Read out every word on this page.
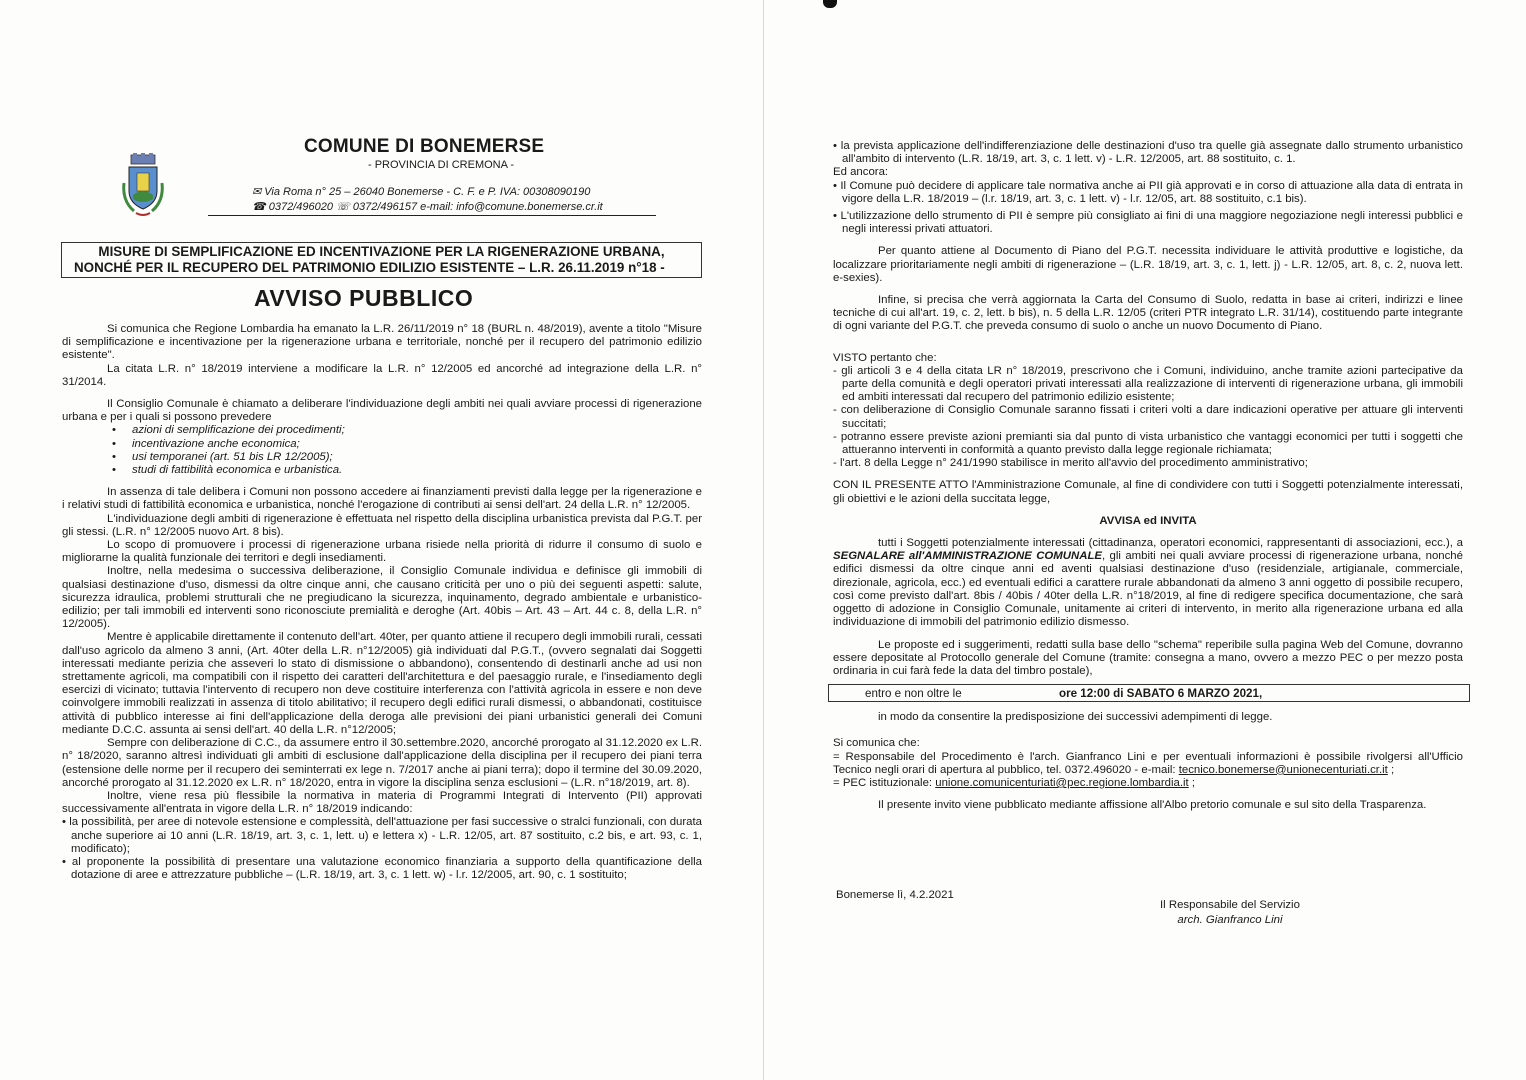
COMUNE DI BONEMERSE
- PROVINCIA DI CREMONA -
✉ Via Roma n° 25 – 26040 Bonemerse - C. F. e P. IVA: 00308090190
☎ 0372/496020 ☏ 0372/496157 e-mail: info@comune.bonemerse.cr.it
MISURE DI SEMPLIFICAZIONE ED INCENTIVAZIONE PER LA RIGENERAZIONE URBANA,
NONCHÉ PER IL RECUPERO DEL PATRIMONIO EDILIZIO ESISTENTE – L.R. 26.11.2019 n°18 -
AVVISO PUBBLICO

Si comunica che Regione Lombardia ha emanato la L.R. 26/11/2019 n° 18 (BURL n. 48/2019), avente a titolo "Misure di semplificazione e incentivazione per la rigenerazione urbana e territoriale, nonché per il recupero del patrimonio edilizio esistente".

La citata L.R. n° 18/2019 interviene a modificare la L.R. n° 12/2005 ed ancorché ad integrazione della L.R. n° 31/2014.

Il Consiglio Comunale è chiamato a deliberare l'individuazione degli ambiti nei quali avviare processi di rigenerazione urbana e per i quali si possono prevedere

• azioni di semplificazione dei procedimenti;

• incentivazione anche economica;

• usi temporanei (art. 51 bis LR 12/2005);

• studi di fattibilità economica e urbanistica.

In assenza di tale delibera i Comuni non possono accedere ai finanziamenti previsti dalla legge per la rigenerazione e i relativi studi di fattibilità economica e urbanistica, nonché l'erogazione di contributi ai sensi dell'art. 24 della L.R. n° 12/2005.

L'individuazione degli ambiti di rigenerazione è effettuata nel rispetto della disciplina urbanistica prevista dal P.G.T. per gli stessi. (L.R. n° 12/2005 nuovo Art. 8 bis).

Lo scopo di promuovere i processi di rigenerazione urbana risiede nella priorità di ridurre il consumo di suolo e migliorarne la qualità funzionale dei territori e degli insediamenti.

Inoltre, nella medesima o successiva deliberazione, il Consiglio Comunale individua e definisce gli immobili di qualsiasi destinazione d'uso, dismessi da oltre cinque anni, che causano criticità per uno o più dei seguenti aspetti: salute, sicurezza idraulica, problemi strutturali che ne pregiudicano la sicurezza, inquinamento, degrado ambientale e urbanistico-edilizio; per tali immobili ed interventi sono riconosciute premialità e deroghe (Art. 40bis – Art. 43 – Art. 44 c. 8, della L.R. n° 12/2005).

Mentre è applicabile direttamente il contenuto dell'art. 40ter, per quanto attiene il recupero degli immobili rurali, cessati dall'uso agricolo da almeno 3 anni, (Art. 40ter della L.R. n°12/2005) già individuati dal P.G.T., (ovvero segnalati dai Soggetti interessati mediante perizia che asseveri lo stato di dismissione o abbandono), consentendo di destinarli anche ad usi non strettamente agricoli, ma compatibili con il rispetto dei caratteri dell'architettura e del paesaggio rurale, e l'insediamento degli esercizi di vicinato; tuttavia l'intervento di recupero non deve costituire interferenza con l'attività agricola in essere e non deve coinvolgere immobili realizzati in assenza di titolo abilitativo; il recupero degli edifici rurali dismessi, o abbandonati, costituisce attività di pubblico interesse ai fini dell'applicazione della deroga alle previsioni dei piani urbanistici generali dei Comuni mediante D.C.C. assunta ai sensi dell'art. 40 della L.R. n°12/2005;

Sempre con deliberazione di C.C., da assumere entro il 30.settembre.2020, ancorché prorogato al 31.12.2020 ex L.R. n° 18/2020, saranno altresì individuati gli ambiti di esclusione dall'applicazione della disciplina per il recupero dei piani terra (estensione delle norme per il recupero dei seminterrati ex lege n. 7/2017 anche ai piani terra); dopo il termine del 30.09.2020, ancorché prorogato al 31.12.2020 ex L.R. n° 18/2020, entra in vigore la disciplina senza esclusioni – (L.R. n°18/2019, art. 8).

Inoltre, viene resa più flessibile la normativa in materia di Programmi Integrati di Intervento (PII) approvati successivamente all'entrata in vigore della L.R. n° 18/2019 indicando:

• la possibilità, per aree di notevole estensione e complessità, dell'attuazione per fasi successive o stralci funzionali, con durata anche superiore ai 10 anni (L.R. 18/19, art. 3, c. 1, lett. u) e lettera x) - L.R. 12/05, art. 87 sostituito, c.2 bis, e art. 93, c. 1, modificato);

• al proponente la possibilità di presentare una valutazione economico finanziaria a supporto della quantificazione della dotazione di aree e attrezzature pubbliche – (L.R. 18/19, art. 3, c. 1 lett. w) - l.r. 12/2005, art. 90, c. 1 sostituito;

• la prevista applicazione dell'indifferenziazione delle destinazioni d'uso tra quelle già assegnate dallo strumento urbanistico all'ambito di intervento (L.R. 18/19, art. 3, c. 1 lett. v) - L.R. 12/2005, art. 88 sostituito, c. 1.

Ed ancora:

• Il Comune può decidere di applicare tale normativa anche ai PII già approvati e in corso di attuazione alla data di entrata in vigore della L.R. 18/2019 – (l.r. 18/19, art. 3, c. 1 lett. v) - l.r. 12/05, art. 88 sostituito, c.1 bis).

• L'utilizzazione dello strumento di PII è sempre più consigliato ai fini di una maggiore negoziazione negli interessi pubblici e negli interessi privati attuatori.

Per quanto attiene al Documento di Piano del P.G.T. necessita individuare le attività produttive e logistiche, da localizzare prioritariamente negli ambiti di rigenerazione – (L.R. 18/19, art. 3, c. 1, lett. j) - L.R. 12/05, art. 8, c. 2, nuova lett. e-sexies).

Infine, si precisa che verrà aggiornata la Carta del Consumo di Suolo, redatta in base ai criteri, indirizzi e linee tecniche di cui all'art. 19, c. 2, lett. b bis), n. 5 della L.R. 12/05 (criteri PTR integrato L.R. 31/14), costituendo parte integrante di ogni variante del P.G.T. che preveda consumo di suolo o anche un nuovo Documento di Piano.

VISTO pertanto che:

- gli articoli 3 e 4 della citata LR n° 18/2019, prescrivono che i Comuni, individuino, anche tramite azioni partecipative da parte della comunità e degli operatori privati interessati alla realizzazione di interventi di rigenerazione urbana, gli immobili ed ambiti interessati dal recupero del patrimonio edilizio esistente;

- con deliberazione di Consiglio Comunale saranno fissati i criteri volti a dare indicazioni operative per attuare gli interventi succitati;

- potranno essere previste azioni premianti sia dal punto di vista urbanistico che vantaggi economici per tutti i soggetti che attueranno interventi in conformità a quanto previsto dalla legge regionale richiamata;

- l'art. 8 della Legge n° 241/1990 stabilisce in merito all'avvio del procedimento amministrativo;

CON IL PRESENTE ATTO l'Amministrazione Comunale, al fine di condividere con tutti i Soggetti potenzialmente interessati, gli obiettivi e le azioni della succitata legge,

AVVISA ed INVITA

tutti i Soggetti potenzialmente interessati (cittadinanza, operatori economici, rappresentanti di associazioni, ecc.), a SEGNALARE all'AMMINISTRAZIONE COMUNALE, gli ambiti nei quali avviare processi di rigenerazione urbana, nonché edifici dismessi da oltre cinque anni ed aventi qualsiasi destinazione d'uso (residenziale, artigianale, commerciale, direzionale, agricola, ecc.) ed eventuali edifici a carattere rurale abbandonati da almeno 3 anni oggetto di possibile recupero, così come previsto dall'art. 8bis / 40bis / 40ter della L.R. n°18/2019, al fine di redigere specifica documentazione, che sarà oggetto di adozione in Consiglio Comunale, unitamente ai criteri di intervento, in merito alla rigenerazione urbana ed alla individuazione di immobili del patrimonio edilizio dismesso.

Le proposte ed i suggerimenti, redatti sulla base dello "schema" reperibile sulla pagina Web del Comune, dovranno essere depositate al Protocollo generale del Comune (tramite: consegna a mano, ovvero a mezzo PEC o per mezzo posta ordinaria in cui farà fede la data del timbro postale),

entro e non oltre le	ore 12:00 di SABATO 6 MARZO 2021,

in modo da consentire la predisposizione dei successivi adempimenti di legge.

Si comunica che:

= Responsabile del Procedimento è l'arch. Gianfranco Lini e per eventuali informazioni è possibile rivolgersi all'Ufficio Tecnico negli orari di apertura al pubblico, tel. 0372.496020 - e-mail: tecnico.bonemerse@unionecenturiati.cr.it ;

= PEC istituzionale: unione.comunicenturiati@pec.regione.lombardia.it ;

Il presente invito viene pubblicato mediante affissione all'Albo pretorio comunale e sul sito della Trasparenza.

Bonemerse lì, 4.2.2021
Il Responsabile del Servizio
arch. Gianfranco Lini
